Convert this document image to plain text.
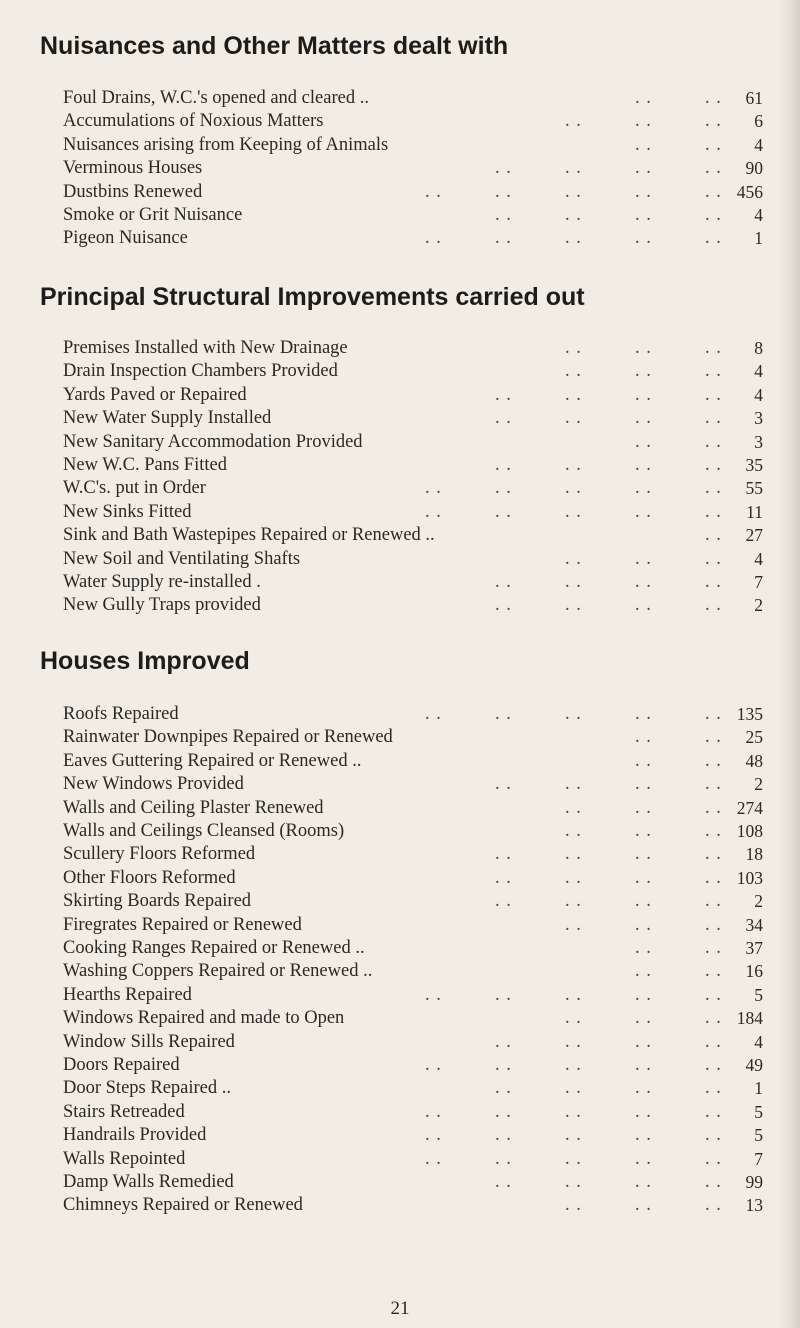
Nuisances and Other Matters dealt with
Foul Drains, W.C.'s opened and cleared ..	. .	. .	61
Accumulations of Noxious Matters	. .	. .	. .	6
Nuisances arising from Keeping of Animals	. .	. .	4
Verminous Houses	. .	. .	. .	. .	90
Dustbins Renewed	. .	. .	. .	. .	. . 456
Smoke or Grit Nuisance	. .	. .	. .	. .	4
Pigeon Nuisance	. .	. .	. .	. .	. .	1
Principal Structural Improvements carried out
Premises Installed with New Drainage	. .	. .	. .	8
Drain Inspection Chambers Provided	. .	. .	. .	4
Yards Paved or Repaired	. .	. .	. .	. .	4
New Water Supply Installed	. .	. .	. .	. .	3
New Sanitary Accommodation Provided	. .	. .	3
New W.C. Pans Fitted	. .	. .	. .	. .	35
W.C's. put in Order	. .	. .	. .	. .	. .	55
New Sinks Fitted	. .	. .	. .	. .	. .	11
Sink and Bath Wastepipes Repaired or Renewed ..	. .	27
New Soil and Ventilating Shafts	. .	. .	. .	4
Water Supply re-installed .	. .	. .	. .	. .	7
New Gully Traps provided	. .	. .	. .	. .	2
Houses Improved
Roofs Repaired	. .	. .	. .	. .	. . 135
Rainwater Downpipes Repaired or Renewed	. .	. .	25
Eaves Guttering Repaired or Renewed ..	. .	. .	48
New Windows Provided	. .	. .	. .	. .	2
Walls and Ceiling Plaster Renewed	. .	. .	. . 274
Walls and Ceilings Cleansed (Rooms)	. .	. .	. . 108
Scullery Floors Reformed	. .	. .	. .	. .	18
Other Floors Reformed	. .	. .	. .	. . 103
Skirting Boards Repaired	. .	. .	. .	. .	2
Firegrates Repaired or Renewed	. .	. .	. .	34
Cooking Ranges Repaired or Renewed ..	. .	. .	37
Washing Coppers Repaired or Renewed ..	. .	. .	16
Hearths Repaired	. .	. .	. .	. .	. .	5
Windows Repaired and made to Open	. .	. .	. . 184
Window Sills Repaired	. .	. .	. .	. .	4
Doors Repaired	. .	. .	. .	. .	. .	49
Door Steps Repaired ..	. .	. .	. .	. .	1
Stairs Retreaded	. .	. .	. .	. .	. .	5
Handrails Provided	. .	. .	. .	. .	. .	5
Walls Repointed	. .	. .	. .	. .	. .	7
Damp Walls Remedied	. .	. .	. .	. .	99
Chimneys Repaired or Renewed	. .	. .	. .	13
21
